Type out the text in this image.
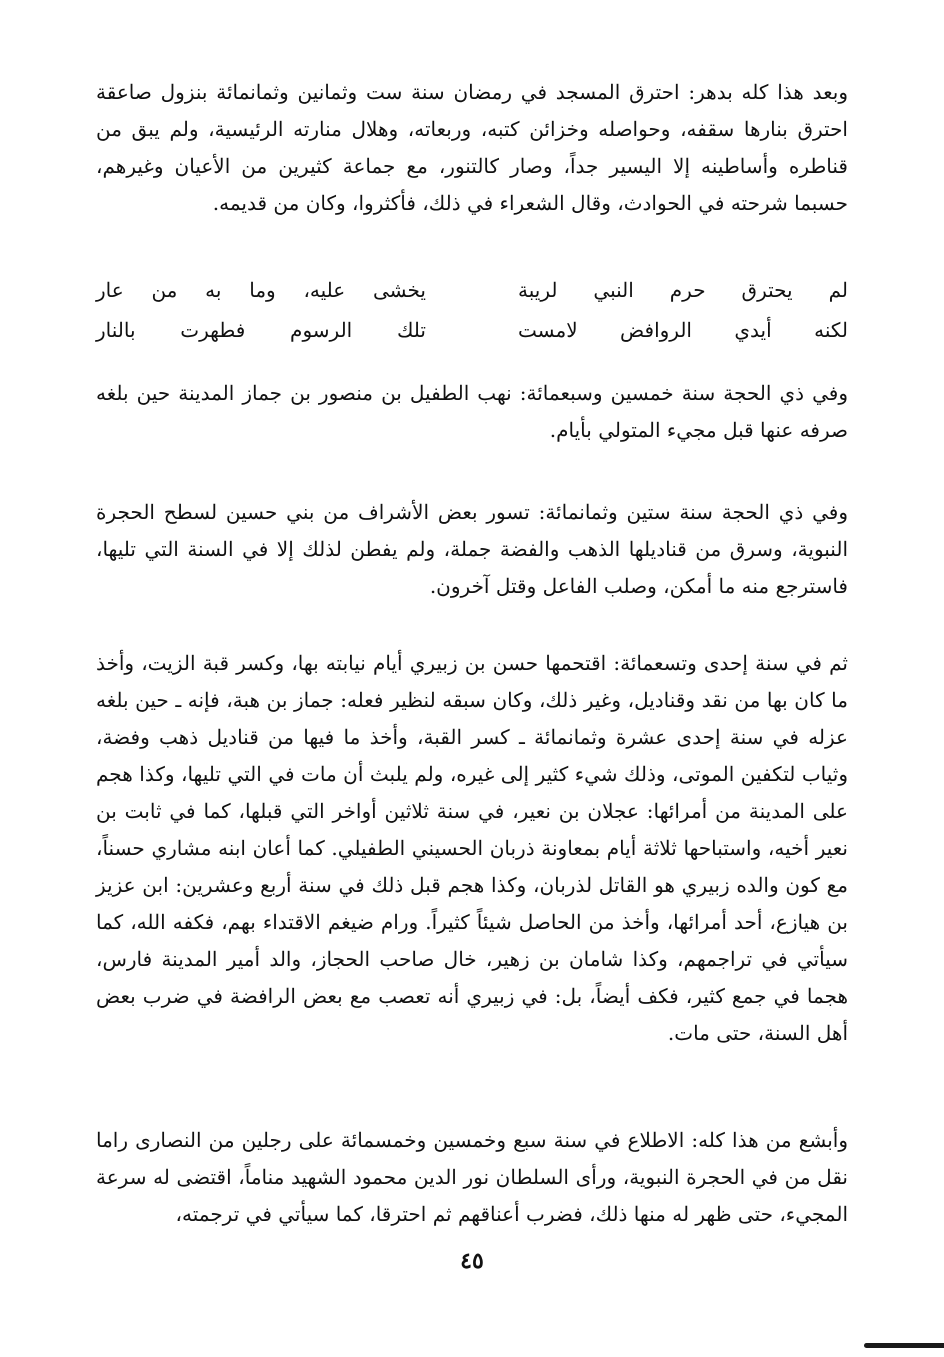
وبعد هذا كله بدهر: احترق المسجد في رمضان سنة ست وثمانين وثمانمائة بنزول صاعقة احترق بنارها سقفه، وحواصله وخزائن كتبه، وربعاته، وهلال منارته الرئيسية، ولم يبق من قناطره وأساطينه إلا اليسير جداً، وصار كالتنور، مع جماعة كثيرين من الأعيان وغيرهم، حسبما شرحته في الحوادث، وقال الشعراء في ذلك، فأكثروا، وكان من قديمه.

لم يحترق حرم النبي لريبة
يخشى عليه، وما به من عار
لكنه أيدي الروافض لامست
تلك الرسوم فطهرت بالنار

وفي ذي الحجة سنة خمسين وسبعمائة: نهب الطفيل بن منصور بن جماز المدينة حين بلغه صرفه عنها قبل مجيء المتولي بأيام.

وفي ذي الحجة سنة ستين وثمانمائة: تسور بعض الأشراف من بني حسين لسطح الحجرة النبوية، وسرق من قناديلها الذهب والفضة جملة، ولم يفطن لذلك إلا في السنة التي تليها، فاسترجع منه ما أمكن، وصلب الفاعل وقتل آخرون.

ثم في سنة إحدى وتسعمائة: اقتحمها حسن بن زبيري أيام نيابته بها، وكسر قبة الزيت، وأخذ ما كان بها من نقد وقناديل، وغير ذلك، وكان سبقه لنظير فعله: جماز بن هبة، فإنه ـ حين بلغه عزله في سنة إحدى عشرة وثمانمائة ـ كسر القبة، وأخذ ما فيها من قناديل ذهب وفضة، وثياب لتكفين الموتى، وذلك شيء كثير إلى غيره، ولم يلبث أن مات في التي تليها، وكذا هجم على المدينة من أمرائها: عجلان بن نعير، في سنة ثلاثين أواخر التي قبلها، كما في ثابت بن نعير أخيه، واستباحها ثلاثة أيام بمعاونة ذربان الحسيني الطفيلي. كما أعان ابنه مشاري حسناً، مع كون والده زبيري هو القاتل لذربان، وكذا هجم قبل ذلك في سنة أربع وعشرين: ابن عزيز بن هيازع، أحد أمرائها، وأخذ من الحاصل شيئاً كثيراً. ورام ضيغم الاقتداء بهم، فكفه الله، كما سيأتي في تراجمهم، وكذا شامان بن زهير، خال صاحب الحجاز، والد أمير المدينة فارس، هجما في جمع كثير، فكف أيضاً، بل: في زبيري أنه تعصب مع بعض الرافضة في ضرب بعض أهل السنة، حتى مات.

وأبشع من هذا كله: الاطلاع في سنة سبع وخمسين وخمسمائة على رجلين من النصارى راما نقل من في الحجرة النبوية، ورأى السلطان نور الدين محمود الشهيد مناماً، اقتضى له سرعة المجيء، حتى ظهر له منها ذلك، فضرب أعناقهم ثم احترقا، كما سيأتي في ترجمته،

٤٥
